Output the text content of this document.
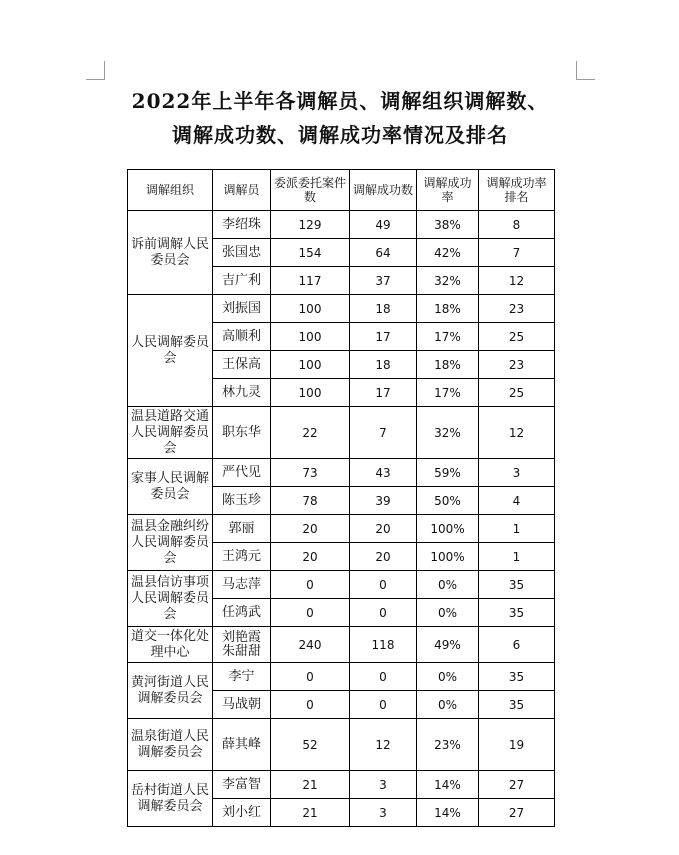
2022年上半年各调解员、调解组织调解数、
调解成功数、调解成功率情况及排名
调解组织	调解员	委派委托案件数	调解成功数	调解成功率	调解成功率排名
诉前调解人民委员会	李绍珠	129	49	38%	8
	张国忠	154	64	42%	7
	吉广利	117	37	32%	12
人民调解委员会	刘振国	100	18	18%	23
	高顺利	100	17	17%	25
	王保高	100	18	18%	23
	林九灵	100	17	17%	25
温县道路交通人民调解委员会	职东华	22	7	32%	12
家事人民调解委员会	严代见	73	43	59%	3
	陈玉珍	78	39	50%	4
温县金融纠纷人民调解委员会	郭丽	20	20	100%	1
	王鸿元	20	20	100%	1
温县信访事项人民调解委员会	马志萍	0	0	0%	35
	任鸿武	0	0	0%	35
道交一体化处理中心	刘艳霞 朱甜甜	240	118	49%	6
黄河街道人民调解委员会	李宁	0	0	0%	35
	马战朝	0	0	0%	35
温泉街道人民调解委员会	薛其峰	52	12	23%	19
岳村街道人民调解委员会	李富智	21	3	14%	27
	刘小红	21	3	14%	27
